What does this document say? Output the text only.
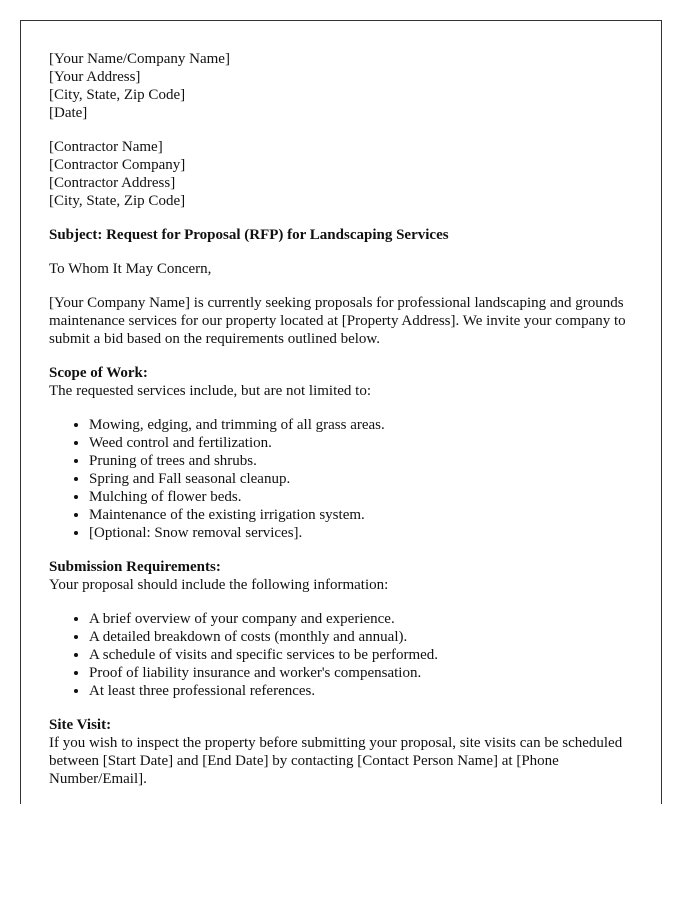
[Your Name/Company Name]
[Your Address]
[City, State, Zip Code]
[Date]

[Contractor Name]
[Contractor Company]
[Contractor Address]
[City, State, Zip Code]

Subject: Request for Proposal (RFP) for Landscaping Services

To Whom It May Concern,

[Your Company Name] is currently seeking proposals for professional landscaping and grounds maintenance services for our property located at [Property Address]. We invite your company to submit a bid based on the requirements outlined below.

Scope of Work:
The requested services include, but are not limited to:

• Mowing, edging, and trimming of all grass areas.
• Weed control and fertilization.
• Pruning of trees and shrubs.
• Spring and Fall seasonal cleanup.
• Mulching of flower beds.
• Maintenance of the existing irrigation system.
• [Optional: Snow removal services].

Submission Requirements:
Your proposal should include the following information:

• A brief overview of your company and experience.
• A detailed breakdown of costs (monthly and annual).
• A schedule of visits and specific services to be performed.
• Proof of liability insurance and worker's compensation.
• At least three professional references.

Site Visit:
If you wish to inspect the property before submitting your proposal, site visits can be scheduled between [Start Date] and [End Date] by contacting [Contact Person Name] at [Phone Number/Email].
